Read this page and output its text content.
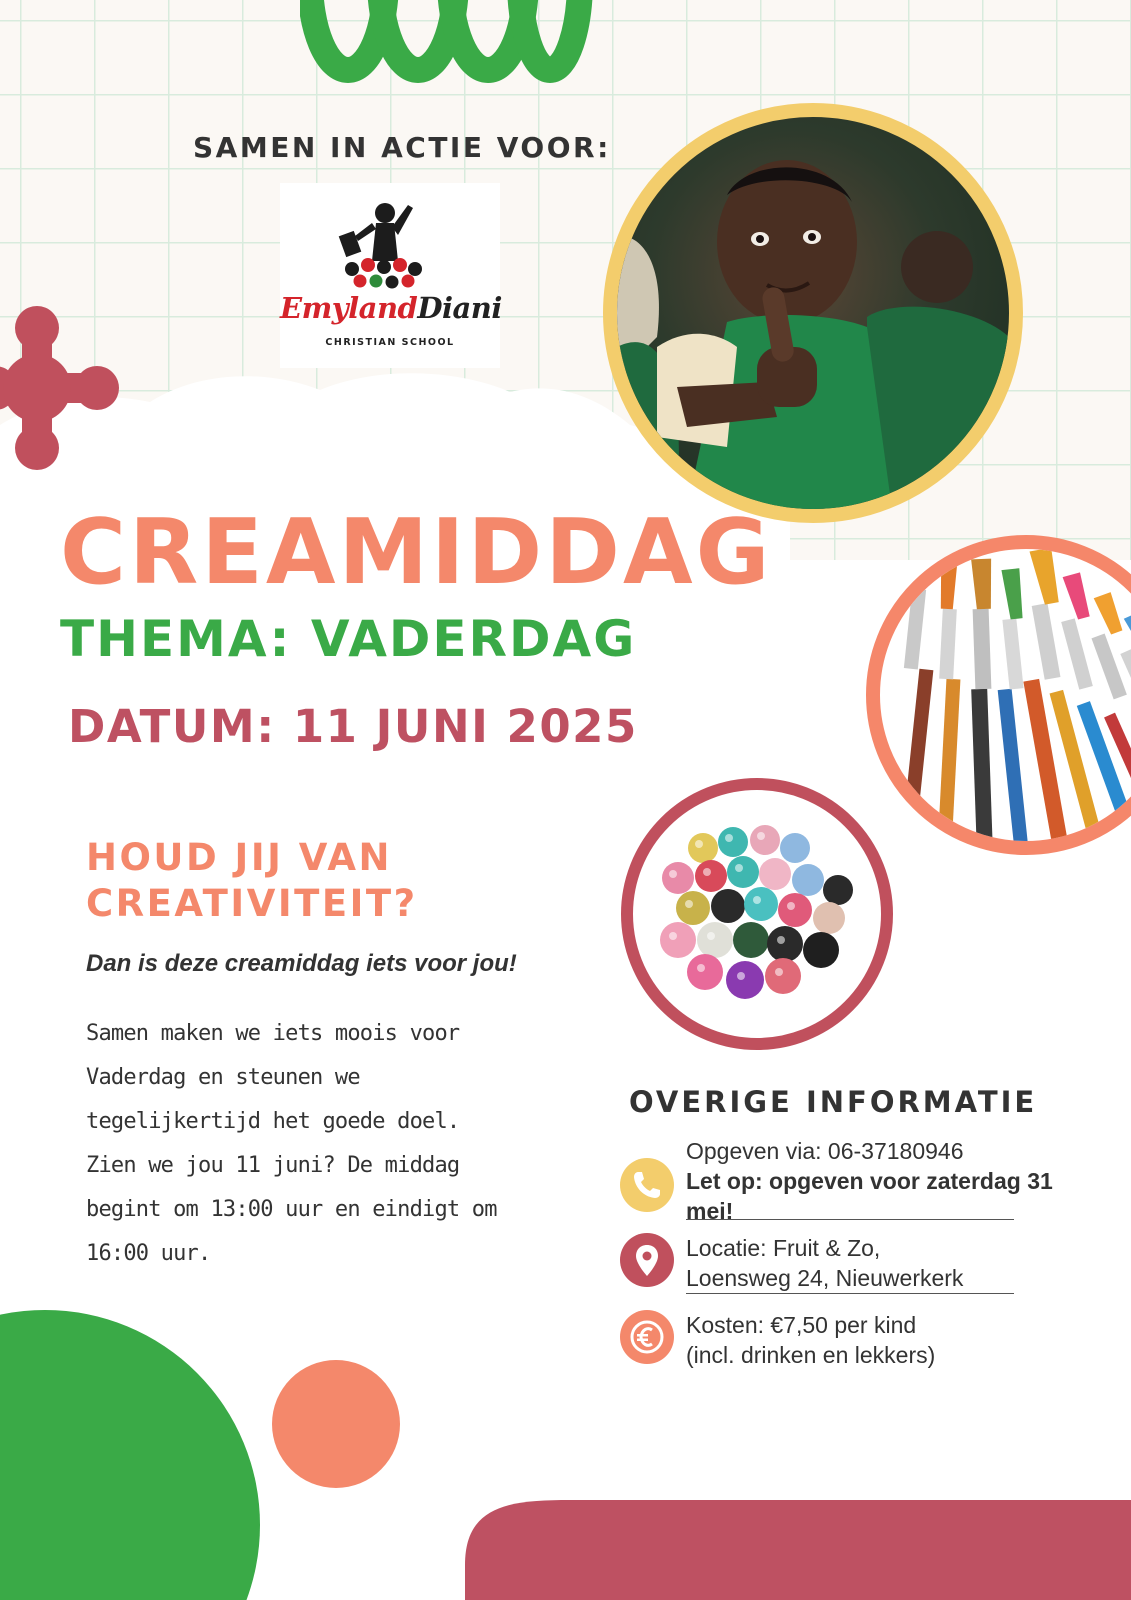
SAMEN IN ACTIE VOOR:
EmylandDiani
CHRISTIAN SCHOOL
CREAMIDDAG
THEMA: VADERDAG
DATUM: 11 JUNI 2025
HOUD JIJ VAN CREATIVITEIT?
Dan is deze creamiddag iets voor jou!
Samen maken we iets moois voor Vaderdag en steunen we tegelijkertijd het goede doel. Zien we jou 11 juni? De middag begint om 13:00 uur en eindigt om 16:00 uur.
OVERIGE INFORMATIE
Opgeven via: 06-37180946
Let op: opgeven voor zaterdag 31 mei!
Locatie: Fruit & Zo,
Loensweg 24, Nieuwerkerk
Kosten: €7,50 per kind
(incl. drinken en lekkers)
